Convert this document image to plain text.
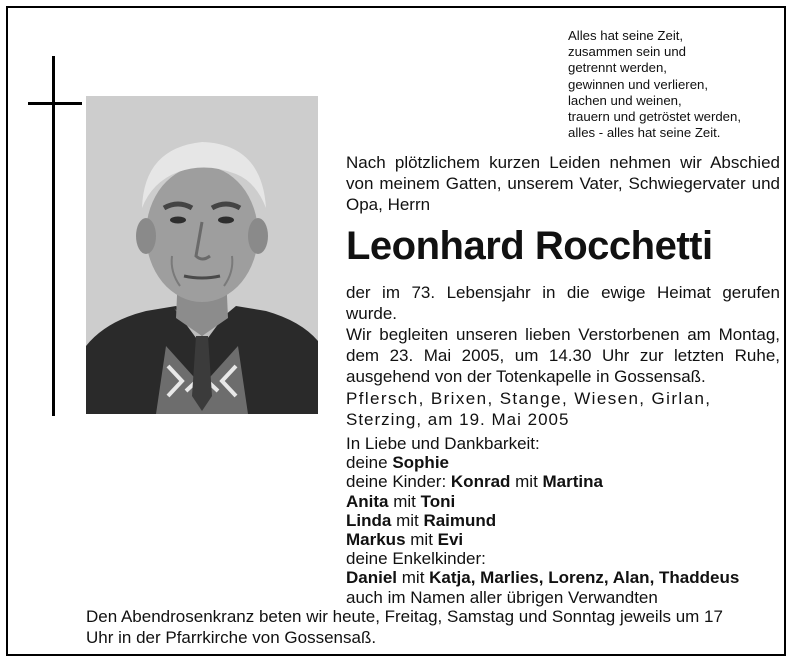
Alles hat seine Zeit,
zusammen sein und
getrennt werden,
gewinnen und verlieren,
lachen und weinen,
trauern und getröstet werden,
alles - alles hat seine Zeit.
Nach plötzlichem kurzen Leiden nehmen wir Abschied von meinem Gatten, unserem Vater, Schwiegervater und Opa, Herrn
Leonhard Rocchetti
der im 73. Lebensjahr in die ewige Heimat gerufen wurde.
Wir begleiten unseren lieben Verstorbenen am Montag, dem 23. Mai 2005, um 14.30 Uhr zur letzten Ruhe, ausgehend von der Totenkapelle in Gossensaß.
Pflersch, Brixen, Stange, Wiesen, Girlan,
Sterzing, am 19. Mai 2005
In Liebe und Dankbarkeit:
deine Sophie
deine Kinder: Konrad mit Martina
Anita mit Toni
Linda mit Raimund
Markus mit Evi
deine Enkelkinder:
Daniel mit Katja, Marlies, Lorenz, Alan, Thaddeus
auch im Namen aller übrigen Verwandten
Den Abendrosenkranz beten wir heute, Freitag, Samstag und Sonntag jeweils um 17
Uhr in der Pfarrkirche von Gossensaß.
